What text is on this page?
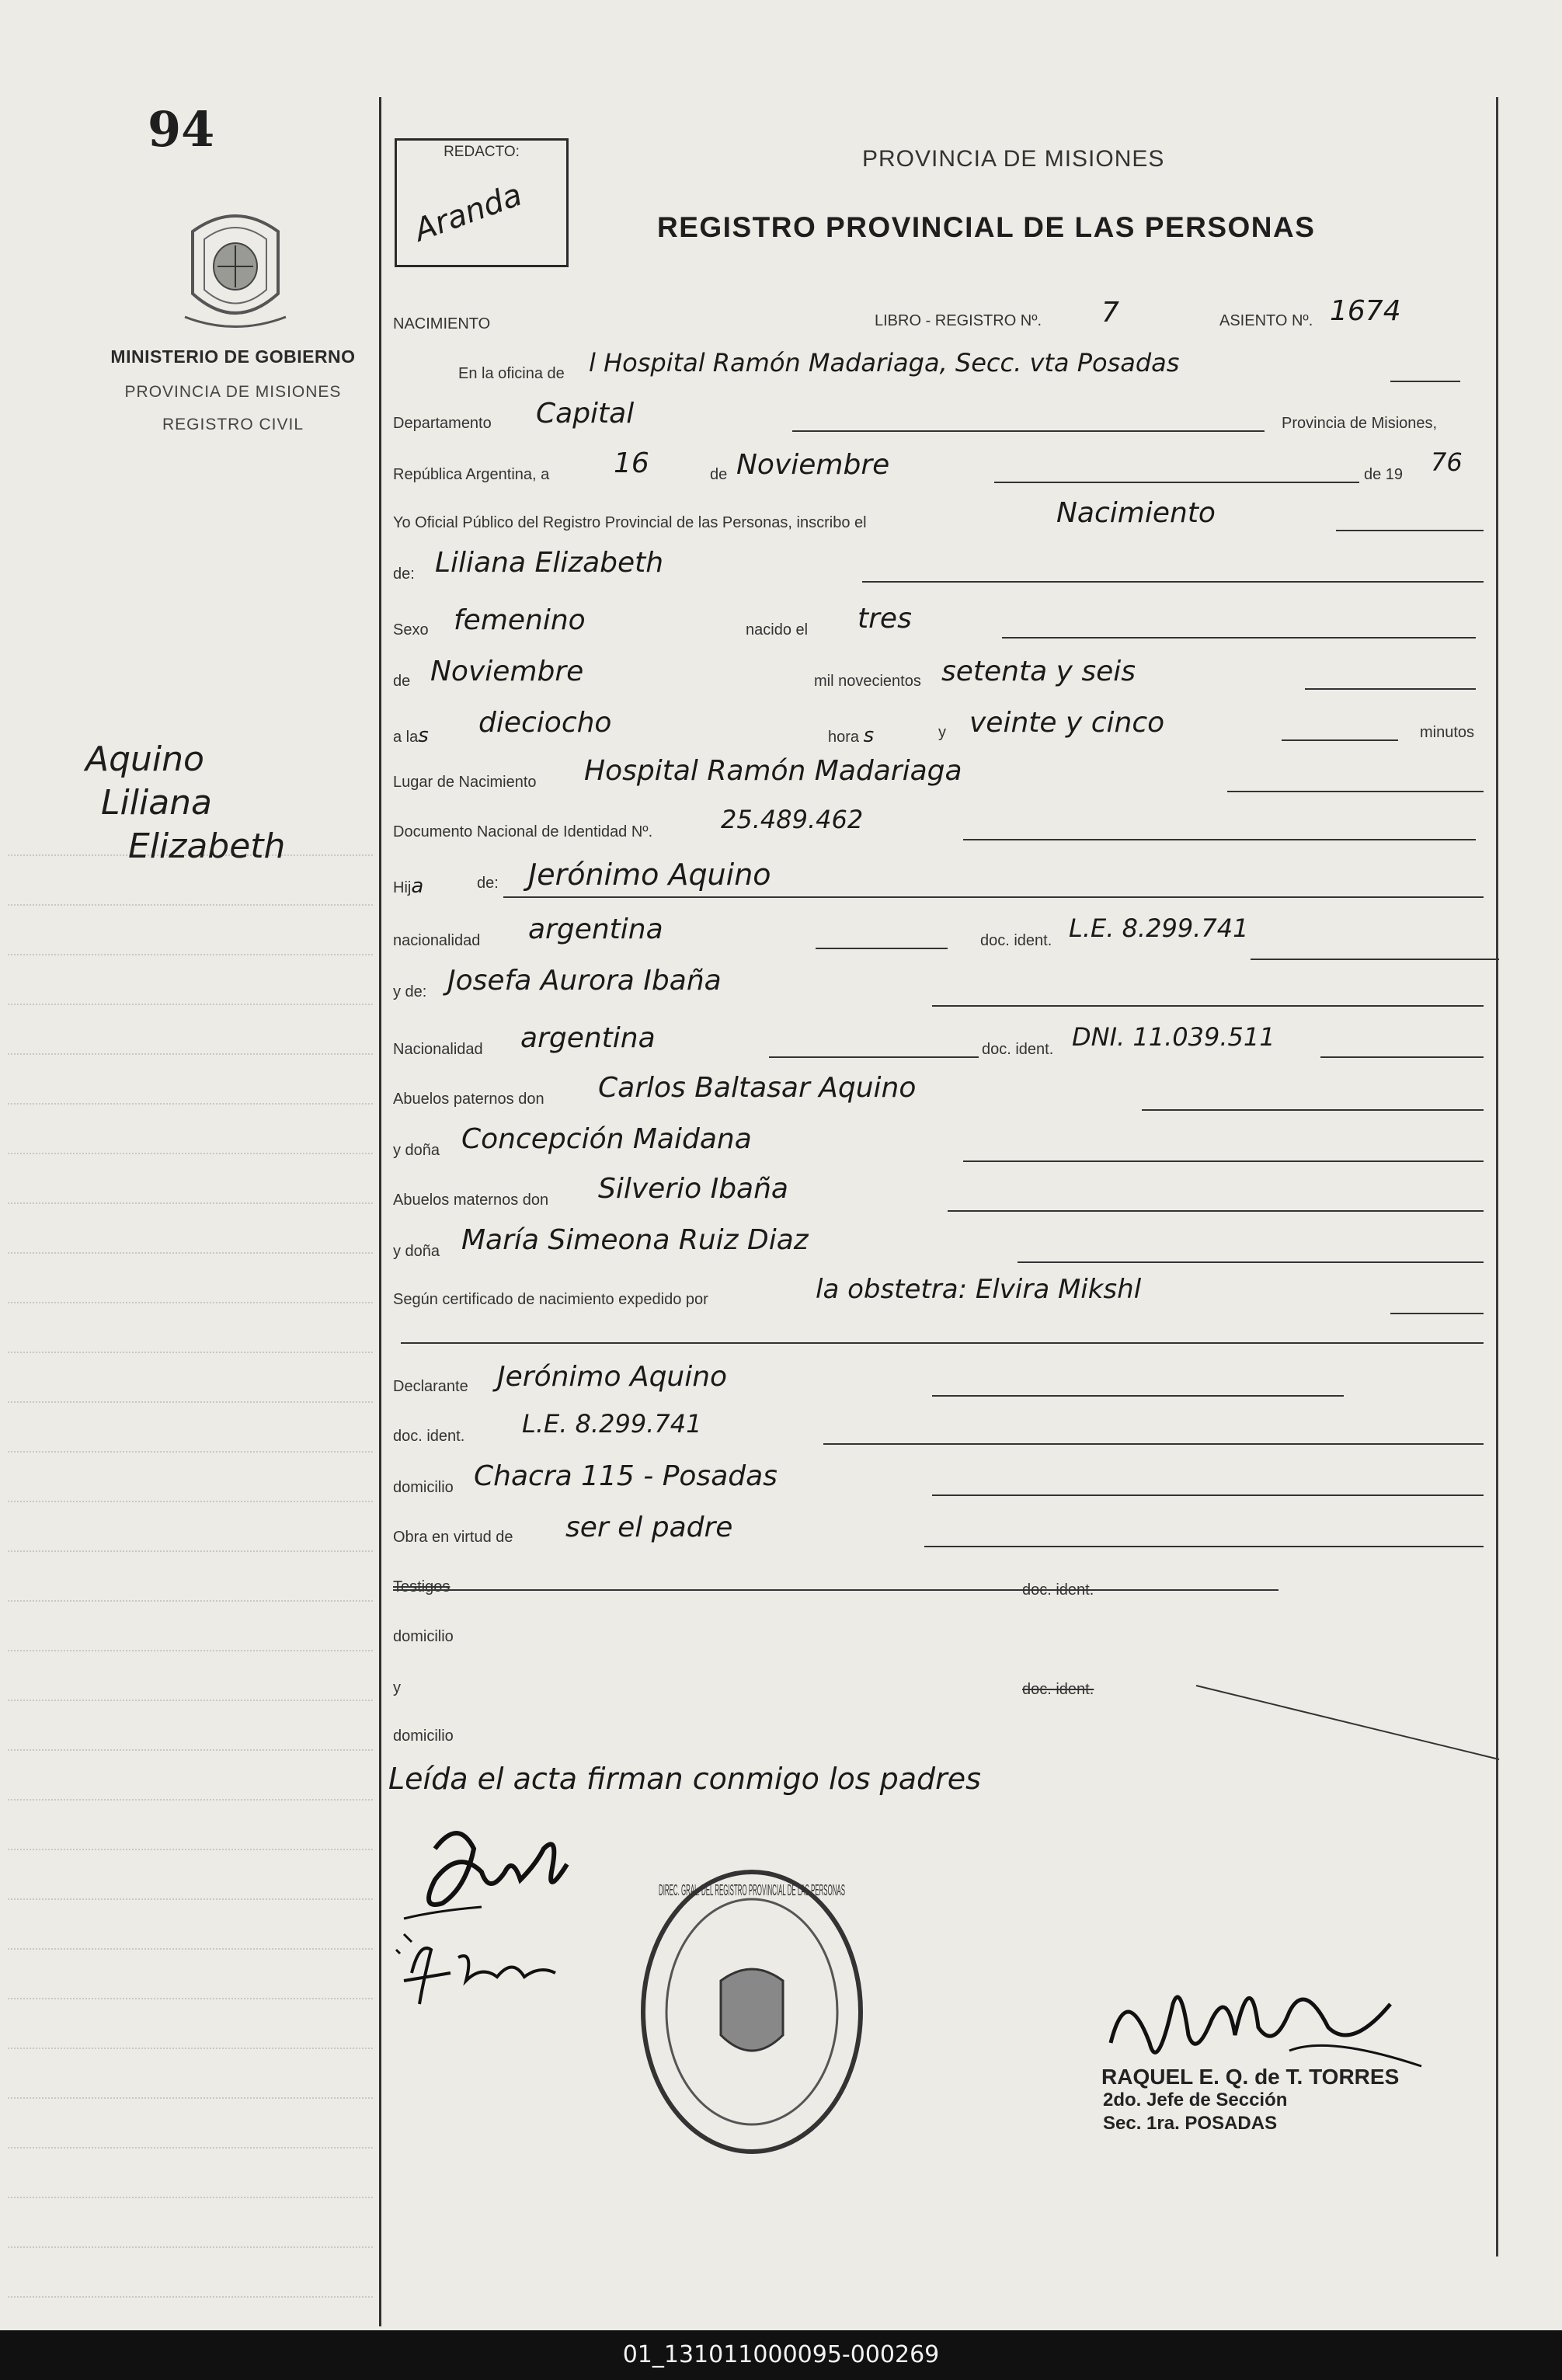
94
MINISTERIO DE GOBIERNO
PROVINCIA DE MISIONES
REGISTRO CIVIL
Aquino
Liliana
Elizabeth
REDACTO:
Aranda
PROVINCIA DE MISIONES
REGISTRO PROVINCIAL DE LAS PERSONAS
NACIMIENTO	LIBRO - REGISTRO Nº. 7	ASIENTO Nº. 1674
En la oficina de l Hospital Ramón Madariaga, Secc. vta Posadas
Departamento Capital	Provincia de Misiones,
República Argentina, a 16	de Noviembre	de 19 76
Yo Oficial Público del Registro Provincial de las Personas, inscribo el	Nacimiento
de: Liliana Elizabeth
Sexo femenino	nacido el tres
de Noviembre	mil novecientos setenta y seis
a las dieciocho	hora s	y veinte y cinco	minutos
Lugar de Nacimiento Hospital Ramón Madariaga
Documento Nacional de Identidad Nº.	25.489.462
Hija	de: Jerónimo Aquino
nacionalidad argentina	doc. ident. L.E. 8.299.741
y de: Josefa Aurora Ibaña
Nacionalidad argentina	doc. ident. DNI. 11.039.511
Abuelos paternos don Carlos Baltasar Aquino
y doña Concepción Maidana
Abuelos maternos don Silverio Ibaña
y doña María Simeona Ruiz Diaz
Según certificado de nacimiento expedido por	la obstetra: Elvira Mikshl
Declarante Jerónimo Aquino
doc. ident. L.E. 8.299.741
domicilio Chacra 115 - Posadas
Obra en virtud de ser el padre
Testigos	doc. ident.
domicilio
y	doc. ident.
domicilio
Leída el acta firman conmigo los padres
DIREC. GRAL. DEL REGISTRO PROVINCIAL DE LAS PERSONAS
RAQUEL E. Q. de T. TORRES
2do. Jefe de Sección
Sec. 1ra. POSADAS
01_131011000095-000269
